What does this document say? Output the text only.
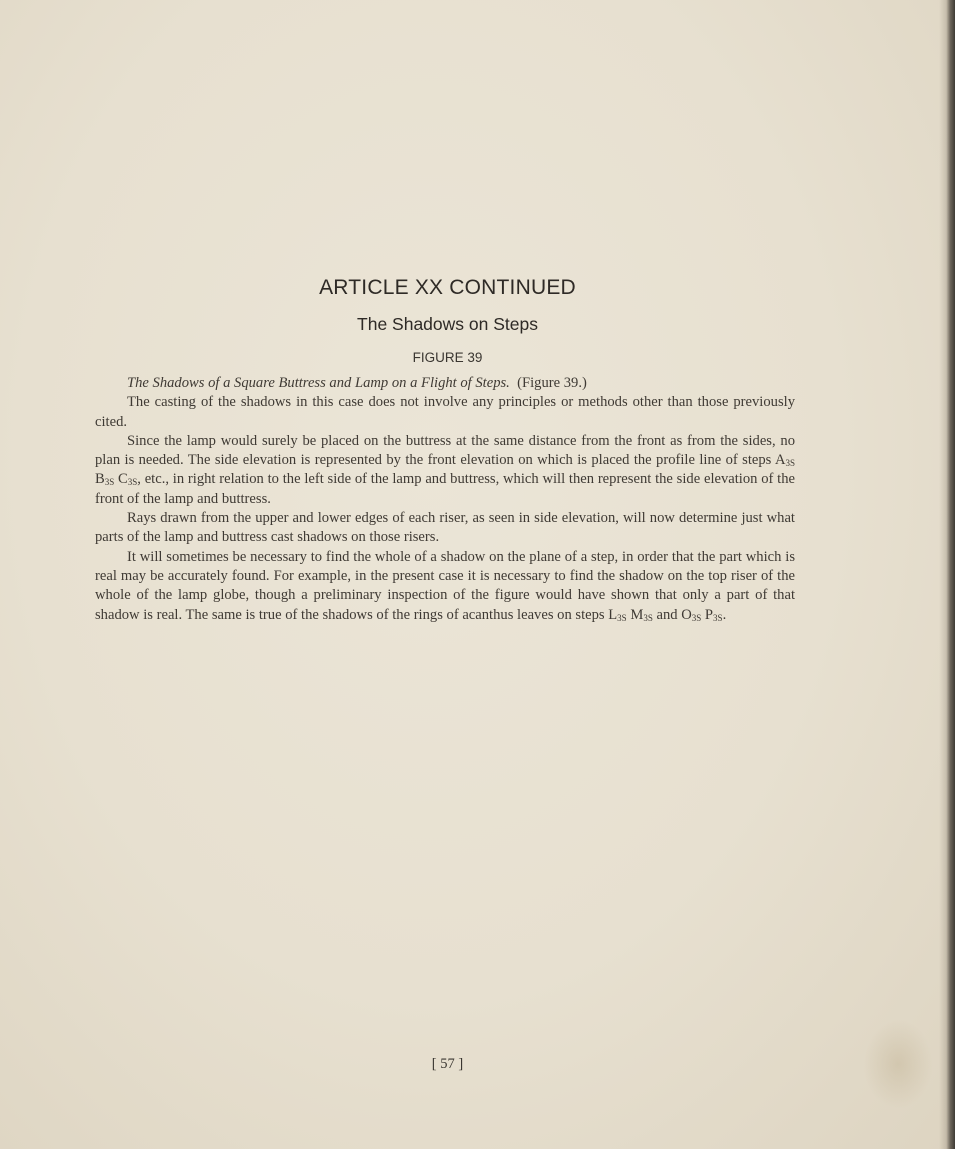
ARTICLE XX CONTINUED
The Shadows on Steps
FIGURE 39

The Shadows of a Square Buttress and Lamp on a Flight of Steps. (Figure 39.)

The casting of the shadows in this case does not involve any principles or methods other than those previously cited.

Since the lamp would surely be placed on the buttress at the same distance from the front as from the sides, no plan is needed. The side elevation is represented by the front elevation on which is placed the profile line of steps $A_{3S}$ $B_{3S}$ $C_{3S}$, etc., in right relation to the left side of the lamp and buttress, which will then represent the side elevation of the front of the lamp and buttress.

Rays drawn from the upper and lower edges of each riser, as seen in side elevation, will now determine just what parts of the lamp and buttress cast shadows on those risers.

It will sometimes be necessary to find the whole of a shadow on the plane of a step, in order that the part which is real may be accurately found. For example, in the present case it is necessary to find the shadow on the top riser of the whole of the lamp globe, though a preliminary inspection of the figure would have shown that only a part of that shadow is real. The same is true of the shadows of the rings of acanthus leaves on steps $L_{3S}$ $M_{3S}$ and $O_{3S}$ $P_{3S}$.

[ 57 ]
